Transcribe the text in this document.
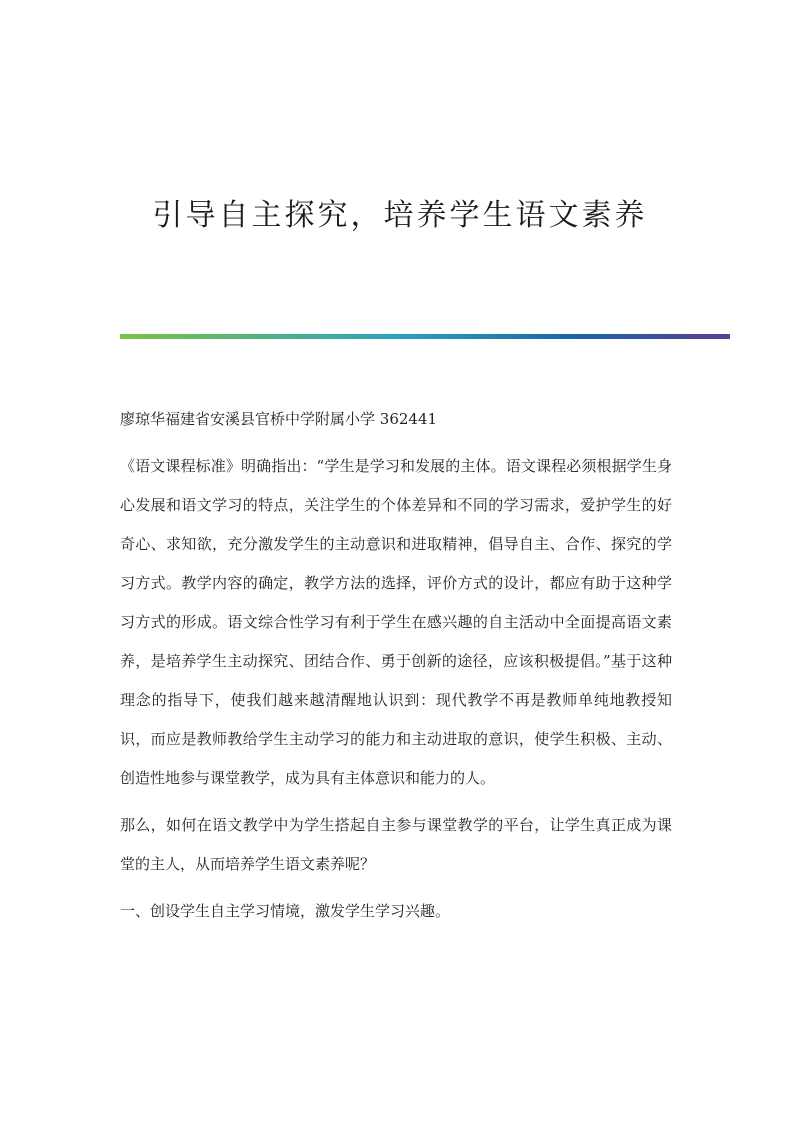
引导自主探究，培养学生语文素养

廖琼华福建省安溪县官桥中学附属小学 362441

《语文课程标准》明确指出：“学生是学习和发展的主体。语文课程必须根据学生身心发展和语文学习的特点，关注学生的个体差异和不同的学习需求，爱护学生的好奇心、求知欲，充分激发学生的主动意识和进取精神，倡导自主、合作、探究的学习方式。教学内容的确定，教学方法的选择，评价方式的设计，都应有助于这种学习方式的形成。语文综合性学习有利于学生在感兴趣的自主活动中全面提高语文素养，是培养学生主动探究、团结合作、勇于创新的途径，应该积极提倡。”基于这种理念的指导下，使我们越来越清醒地认识到：现代教学不再是教师单纯地教授知识，而应是教师教给学生主动学习的能力和主动进取的意识，使学生积极、主动、创造性地参与课堂教学，成为具有主体意识和能力的人。

那么，如何在语文教学中为学生搭起自主参与课堂教学的平台，让学生真正成为课堂的主人，从而培养学生语文素养呢？

一、创设学生自主学习情境，激发学生学习兴趣。
